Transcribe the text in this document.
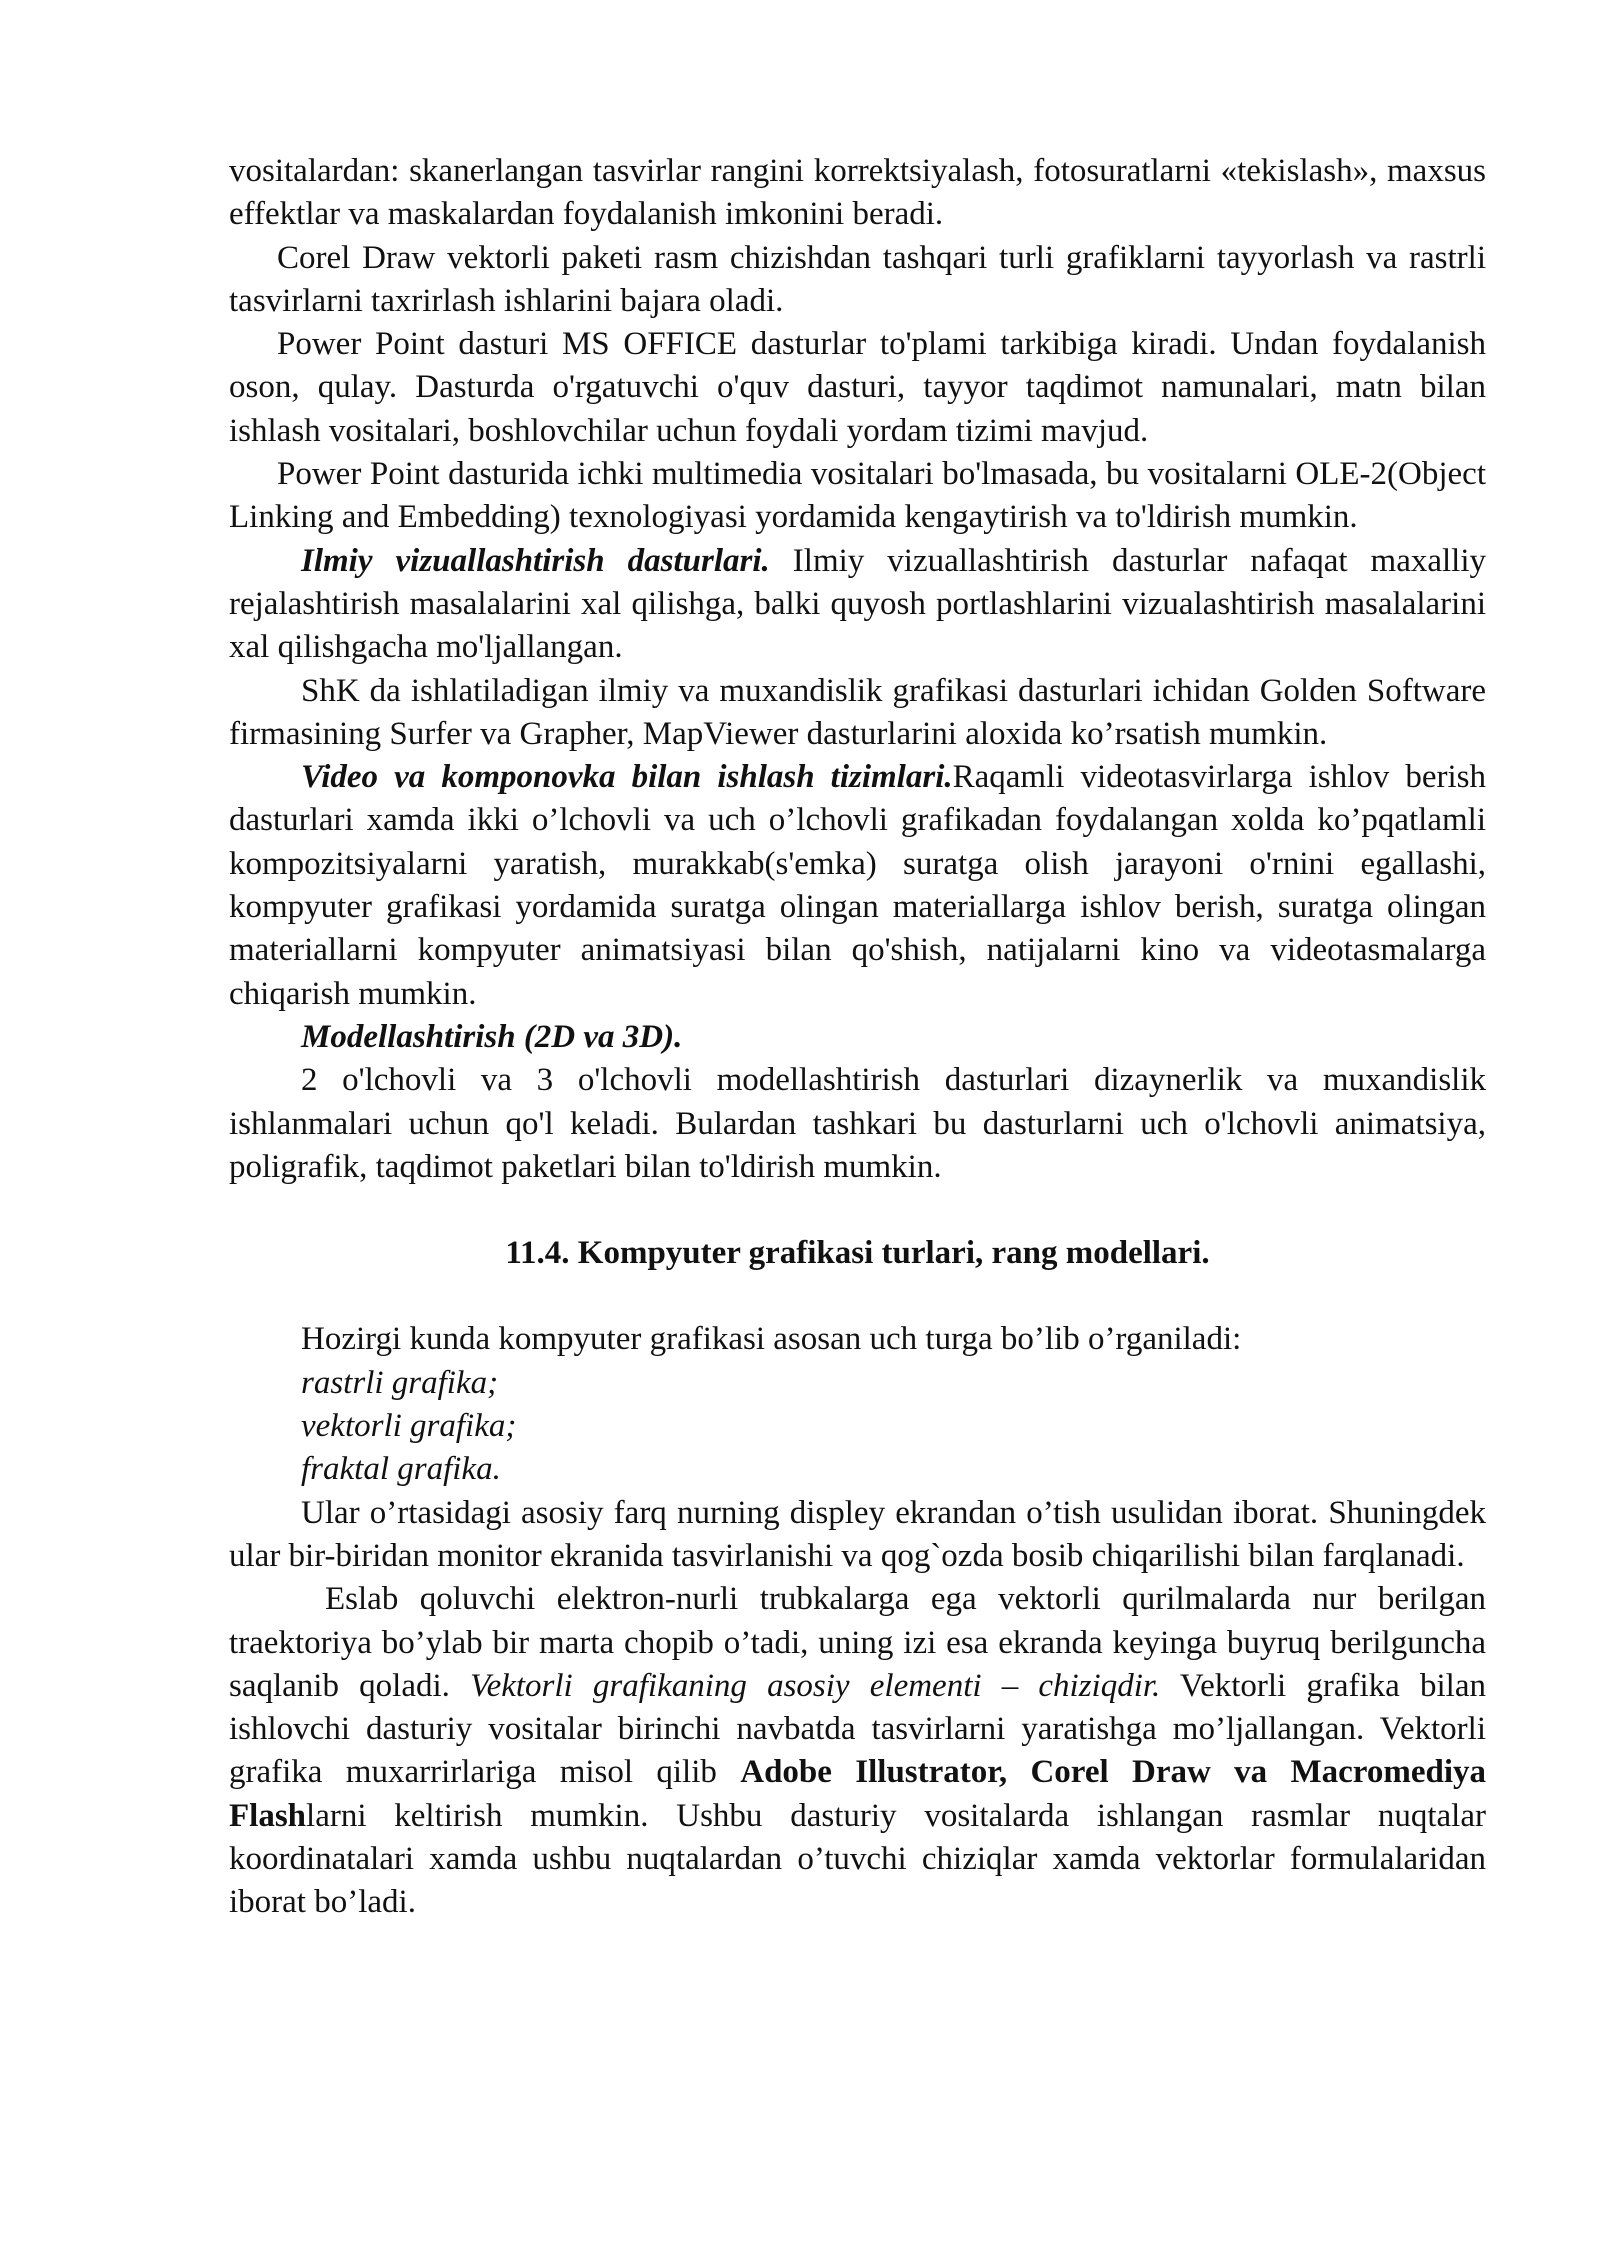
vositalardan: skanerlangan tasvirlar rangini korrektsiyalash, fotosuratlarni «tekislash», maxsus effektlar va maskalardan foydalanish imkonini beradi.

Corel Draw vektorli paketi rasm chizishdan tashqari turli grafiklarni tayyorlash va rastrli tasvirlarni taxrirlash ishlarini bajara oladi.

Power Point dasturi MS OFFICE dasturlar to'plami tarkibiga kiradi. Undan foydalanish oson, qulay. Dasturda o'rgatuvchi o'quv dasturi, tayyor taqdimot namunalari, matn bilan ishlash vositalari, boshlovchilar uchun foydali yordam tizimi mavjud.

Power Point dasturida ichki multimedia vositalari bo'lmasada, bu vositalarni OLE-2(Object Linking and Embedding) texnologiyasi yordamida kengaytirish va to'ldirish mumkin.

Ilmiy vizuallashtirish dasturlari. Ilmiy vizuallashtirish dasturlar nafaqat maxalliy rejalashtirish masalalarini xal qilishga, balki quyosh portlashlarini vizualashtirish masalalarini xal qilishgacha mo'ljallangan.

ShK da ishlatiladigan ilmiy va muxandislik grafikasi dasturlari ichidan Golden Software firmasining Surfer va Grapher, MapViewer dasturlarini aloxida ko’rsatish mumkin.

Video va komponovka bilan ishlash tizimlari.Raqamli videotasvirlarga ishlov berish dasturlari xamda ikki o’lchovli va uch o’lchovli grafikadan foydalangan xolda ko’pqatlamli kompozitsiyalarni yaratish, murakkab(s'emka) suratga olish jarayoni o'rnini egallashi, kompyuter grafikasi yordamida suratga olingan materiallarga ishlov berish, suratga olingan materiallarni kompyuter animatsiyasi bilan qo'shish, natijalarni kino va videotasmalarga chiqarish mumkin.

Modellashtirish (2D va 3D).

2 o'lchovli va 3 o'lchovli modellashtirish dasturlari dizaynerlik va muxandislik ishlanmalari uchun qo'l keladi. Bulardan tashkari bu dasturlarni uch o'lchovli animatsiya, poligrafik, taqdimot paketlari bilan to'ldirish mumkin.

11.4. Kompyuter grafikasi turlari, rang modellari.

Hozirgi kunda kompyuter grafikasi asosan uch turga bo’lib o’rganiladi:

rastrli grafika;

vektorli grafika;

fraktal grafika.

Ular o’rtasidagi asosiy farq nurning displey ekrandan o’tish usulidan iborat. Shuningdek ular bir-biridan monitor ekranida tasvirlanishi va qog`ozda bosib chiqarilishi bilan farqlanadi.

Eslab qoluvchi elektron-nurli trubkalarga ega vektorli qurilmalarda nur berilgan traektoriya bo’ylab bir marta chopib o’tadi, uning izi esa ekranda keyinga buyruq berilguncha saqlanib qoladi. Vektorli grafikaning asosiy elementi – chiziqdir. Vektorli grafika bilan ishlovchi dasturiy vositalar birinchi navbatda tasvirlarni yaratishga mo’ljallangan. Vektorli grafika muxarrirlariga misol qilib Adobe Illustrator, Corel Draw va Macromediya Flashlarni keltirish mumkin. Ushbu dasturiy vositalarda ishlangan rasmlar nuqtalar koordinatalari xamda ushbu nuqtalardan o’tuvchi chiziqlar xamda vektorlar formulalaridan iborat bo’ladi.
